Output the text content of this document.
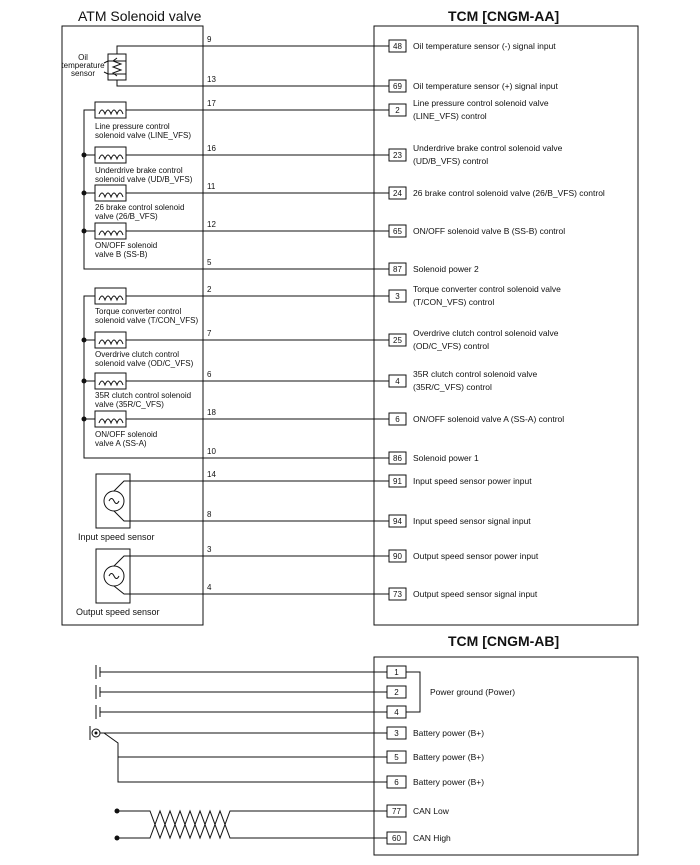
ATM Solenoid valve	TCM [CNGM-AA]
TCM [CNGM-AB]
Oil
temperature
sensor
Line pressure control
solenoid valve (LINE_VFS)
Underdrive brake control
solenoid valve (UD/B_VFS)
26 brake control solenoid
valve (26/B_VFS)
ON/OFF solenoid
valve B (SS-B)
Torque converter control
solenoid valve (T/CON_VFS)
Overdrive clutch control
solenoid valve (OD/C_VFS)
35R clutch control solenoid
valve (35R/C_VFS)
ON/OFF solenoid
valve A (SS-A)
Input speed sensor
Output speed sensor
9
48 Oil temperature sensor (-) signal input
13
69 Oil temperature sensor (+) signal input
17
2
Line pressure control solenoid valve
(LINE_VFS) control
16
23
Underdrive brake control solenoid valve
(UD/B_VFS) control
11
24 26 brake control solenoid valve (26/B_VFS) control
12
65 ON/OFF solenoid valve B (SS-B) control
5
87 Solenoid power 2
2
3
Torque converter control solenoid valve
(T/CON_VFS) control
7
25
Overdrive clutch control solenoid valve
(OD/C_VFS) control
6
4
35R clutch control solenoid valve
(35R/C_VFS) control
18
6 ON/OFF solenoid valve A (SS-A) control
10
86 Solenoid power 1
14
91 Input speed sensor power input
8
94 Input speed sensor signal input
3
90 Output speed sensor power input
4
73 Output speed sensor signal input
1
2	Power ground (Power)
4
3 Battery power (B+)
5 Battery power (B+)
6 Battery power (B+)
77 CAN Low
60 CAN High
